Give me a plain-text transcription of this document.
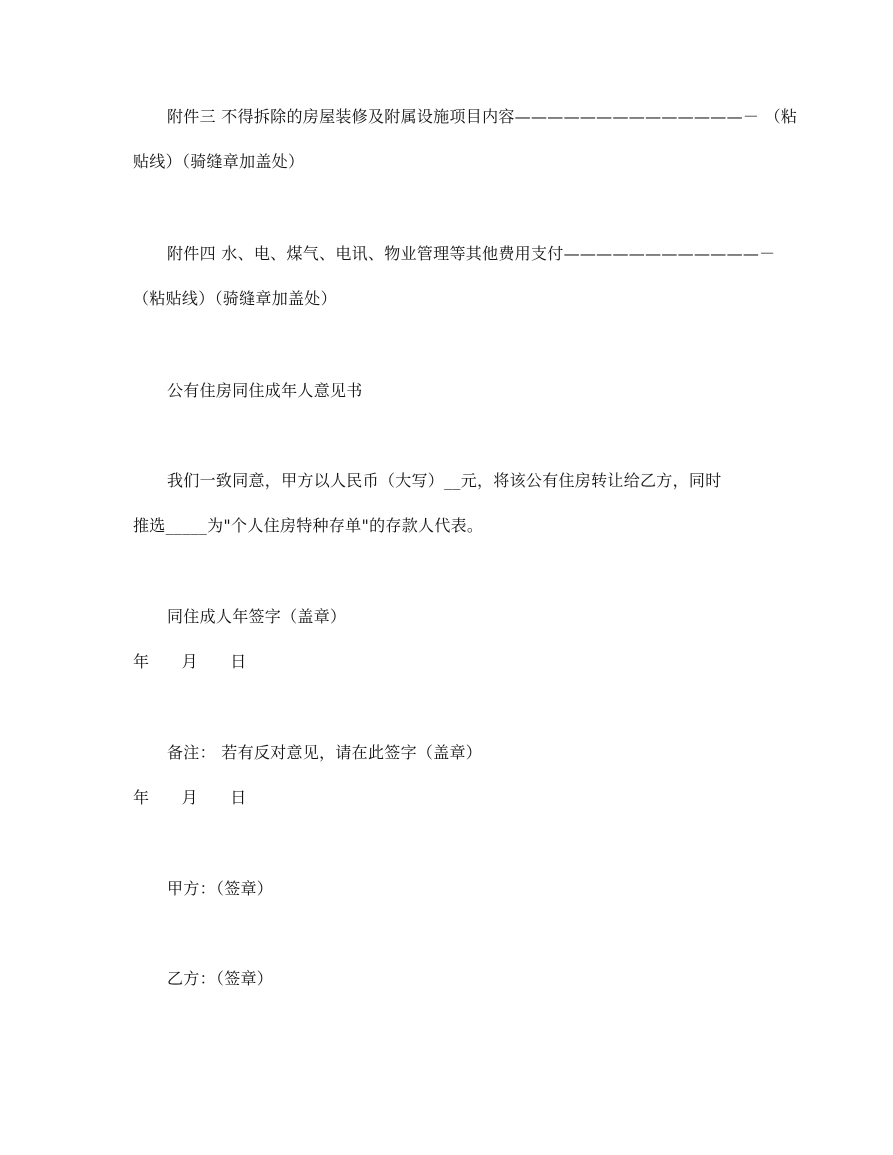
附件三 不得拆除的房屋装修及附属设施项目内容——————————————－ （粘
贴线）（骑缝章加盖处）
附件四 水、电、煤气、电讯、物业管理等其他费用支付————————————－
（粘贴线）（骑缝章加盖处）
公有住房同住成年人意见书
我们一致同意，甲方以人民币（大写）__元，将该公有住房转让给乙方，同时
推选_____为"个人住房特种存单"的存款人代表。
同住成人年签字（盖章）
年      月      日
备注： 若有反对意见，请在此签字（盖章）
年      月      日
甲方：（签章）
乙方：（签章）
